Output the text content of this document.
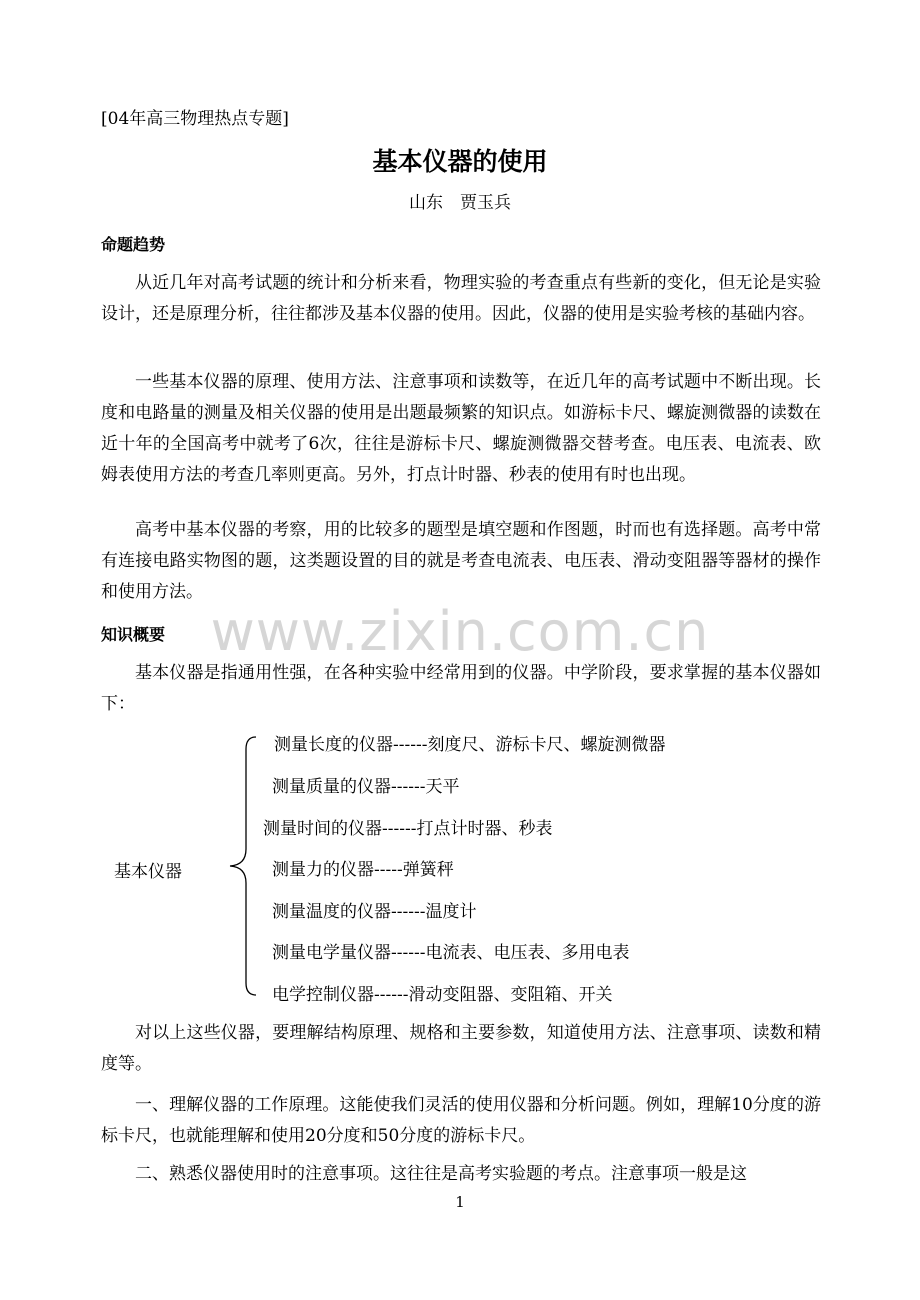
[04年高三物理热点专题]
基本仪器的使用
山东　贾玉兵
命题趋势

从近几年对高考试题的统计和分析来看，物理实验的考查重点有些新的变化，但无论是实验设计，还是原理分析，往往都涉及基本仪器的使用。因此，仪器的使用是实验考核的基础内容。

一些基本仪器的原理、使用方法、注意事项和读数等，在近几年的高考试题中不断出现。长度和电路量的测量及相关仪器的使用是出题最频繁的知识点。如游标卡尺、螺旋测微器的读数在近十年的全国高考中就考了6次，往往是游标卡尺、螺旋测微器交替考查。电压表、电流表、欧姆表使用方法的考查几率则更高。另外，打点计时器、秒表的使用有时也出现。

高考中基本仪器的考察，用的比较多的题型是填空题和作图题，时而也有选择题。高考中常有连接电路实物图的题，这类题设置的目的就是考查电流表、电压表、滑动变阻器等器材的操作和使用方法。

www.zixin.com.cn
知识概要

基本仪器是指通用性强，在各种实验中经常用到的仪器。中学阶段，要求掌握的基本仪器如下：

基本仪器
测量长度的仪器------刻度尺、游标卡尺、螺旋测微器
测量质量的仪器------天平
测量时间的仪器------打点计时器、秒表
测量力的仪器-----弹簧秤
测量温度的仪器------温度计
测量电学量仪器------电流表、电压表、多用电表
电学控制仪器------滑动变阻器、变阻箱、开关

对以上这些仪器，要理解结构原理、规格和主要参数，知道使用方法、注意事项、读数和精度等。

一、理解仪器的工作原理。这能使我们灵活的使用仪器和分析问题。例如，理解10分度的游标卡尺，也就能理解和使用20分度和50分度的游标卡尺。

二、熟悉仪器使用时的注意事项。这往往是高考实验题的考点。注意事项一般是这

1
